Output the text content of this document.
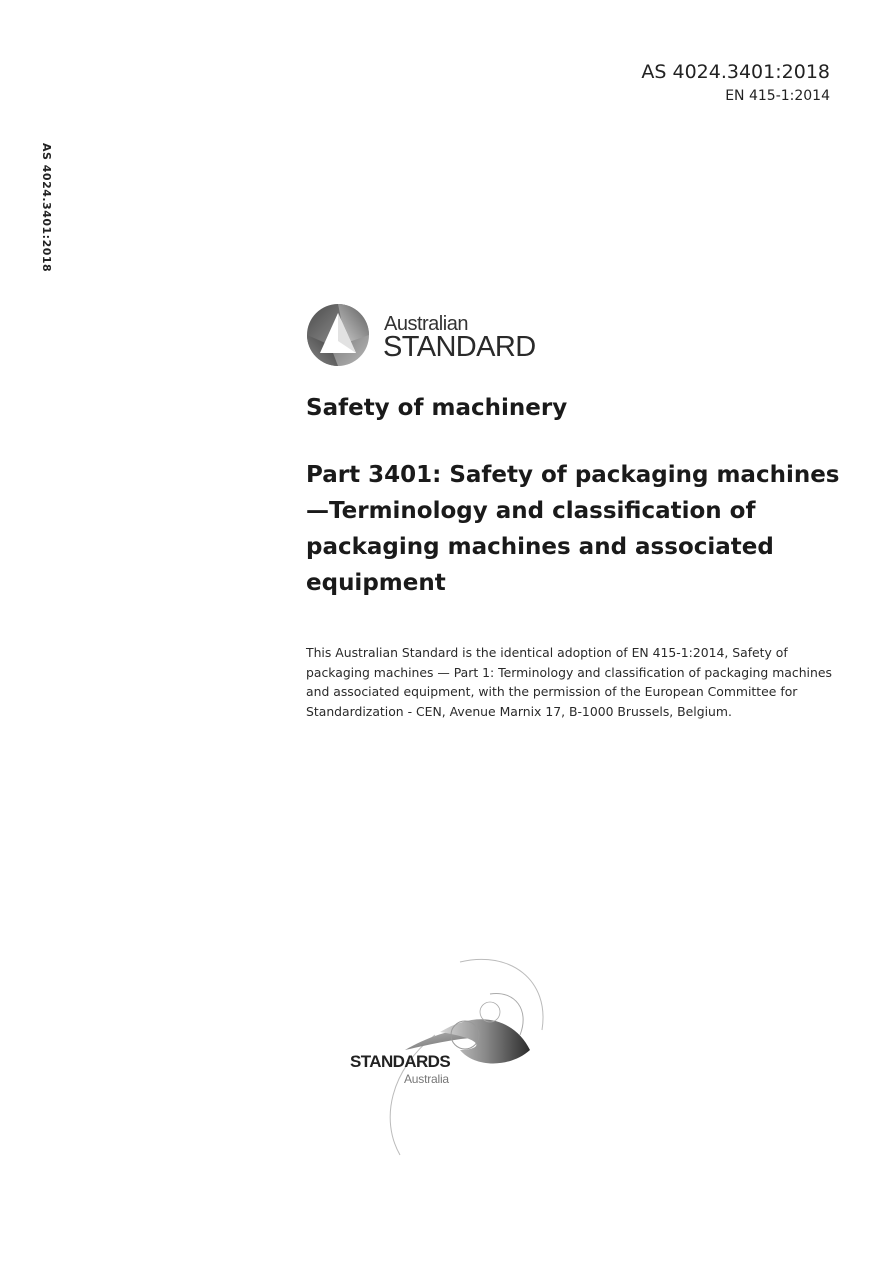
AS 4024.3401:2018
EN 415-1:2014
AS 4024.3401:2018
Australian
STANDARD
Safety of machinery
Part 3401: Safety of packaging machines—Terminology and classification of packaging machines and associated equipment
This Australian Standard is the identical adoption of EN 415-1:2014, Safety of packaging machines — Part 1: Terminology and classification of packaging machines and associated equipment, with the permission of the European Committee for Standardization - CEN, Avenue Marnix 17, B-1000 Brussels, Belgium.
STANDARDS
Australia
